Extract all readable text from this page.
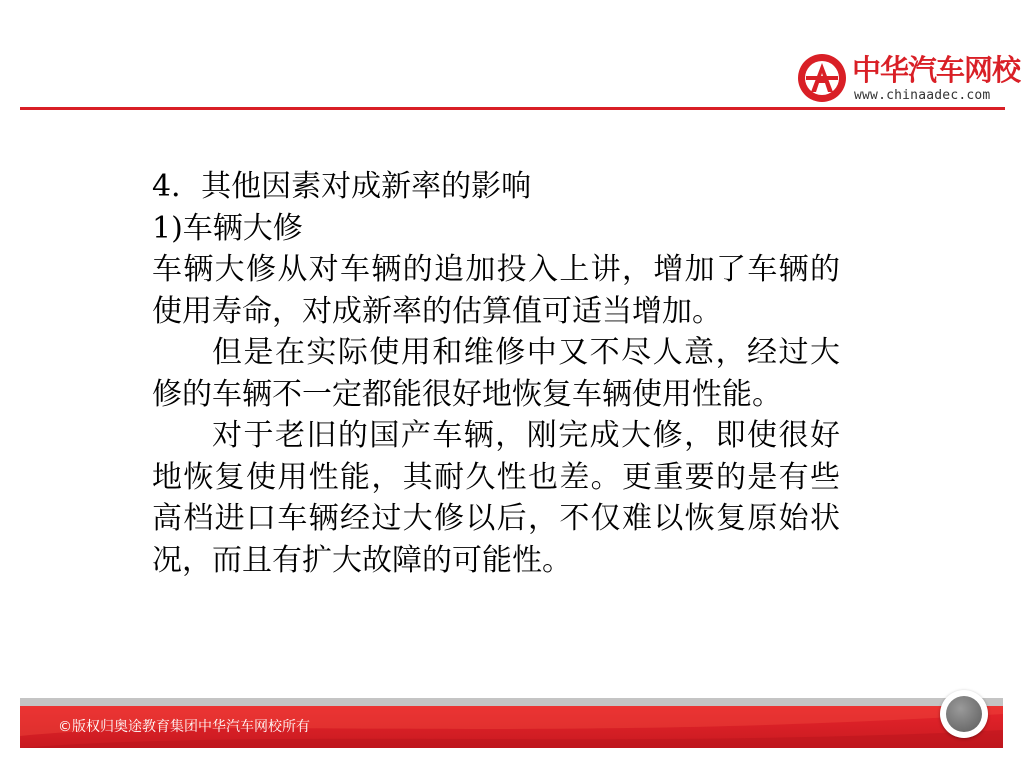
中华汽车网校
www.chinaadec.com

4．其他因素对成新率的影响

1)车辆大修

车辆大修从对车辆的追加投入上讲，增加了车辆的使用寿命，对成新率的估算值可适当增加。

但是在实际使用和维修中又不尽人意，经过大修的车辆不一定都能很好地恢复车辆使用性能。

对于老旧的国产车辆，刚完成大修，即使很好地恢复使用性能，其耐久性也差。更重要的是有些高档进口车辆经过大修以后，不仅难以恢复原始状况，而且有扩大故障的可能性。

©版权归奥途教育集团中华汽车网校所有
